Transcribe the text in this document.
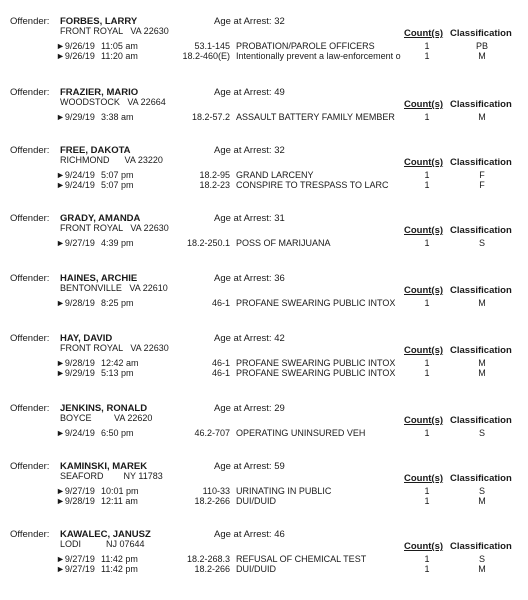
Offender: FORBES, LARRY	Age at Arrest: 32
FRONT ROYAL   VA 22630	Count(s) Classification
►9/26/19 11:05 am	53.1-145 PROBATION/PAROLE OFFICERS	1	PB
►9/26/19 11:20 am	18.2-460(E) Intentionally prevent a law-enforcement o	1	M
Offender: FRAZIER, MARIO	Age at Arrest: 49
WOODSTOCK   VA 22664	Count(s) Classification
►9/29/19 3:38 am	18.2-57.2 ASSAULT BATTERY FAMILY MEMBER	1	M
Offender: FREE, DAKOTA	Age at Arrest: 32
RICHMOND      VA 23220	Count(s) Classification
►9/24/19 5:07 pm	18.2-95 GRAND LARCENY	1	F
►9/24/19 5:07 pm	18.2-23 CONSPIRE TO TRESPASS TO LARC	1	F
Offender: GRADY, AMANDA	Age at Arrest: 31
FRONT ROYAL   VA 22630	Count(s) Classification
►9/27/19 4:39 pm	18.2-250.1 POSS OF MARIJUANA	1	S
Offender: HAINES, ARCHIE	Age at Arrest: 36
BENTONVILLE   VA 22610	Count(s) Classification
►9/28/19 8:25 pm	46-1 PROFANE SWEARING PUBLIC INTOX	1	M
Offender: HAY, DAVID	Age at Arrest: 42
FRONT ROYAL   VA 22630	Count(s) Classification
►9/28/19 12:42 am	46-1 PROFANE SWEARING PUBLIC INTOX	1	M
►9/29/19 5:13 pm	46-1 PROFANE SWEARING PUBLIC INTOX	1	M
Offender: JENKINS, RONALD	Age at Arrest: 29
BOYCE         VA 22620	Count(s) Classification
►9/24/19 6:50 pm	46.2-707 OPERATING UNINSURED VEH	1	S
Offender: KAMINSKI, MAREK	Age at Arrest: 59
SEAFORD        NY 11783	Count(s) Classification
►9/27/19 10:01 pm	110-33 URINATING IN PUBLIC	1	S
►9/28/19 12:11 am	18.2-266 DUI/DUID	1	M
Offender: KAWALEC, JANUSZ	Age at Arrest: 46
LODI          NJ 07644	Count(s) Classification
►9/27/19 11:42 pm	18.2-268.3 REFUSAL OF CHEMICAL TEST	1	S
►9/27/19 11:42 pm	18.2-266 DUI/DUID	1	M
